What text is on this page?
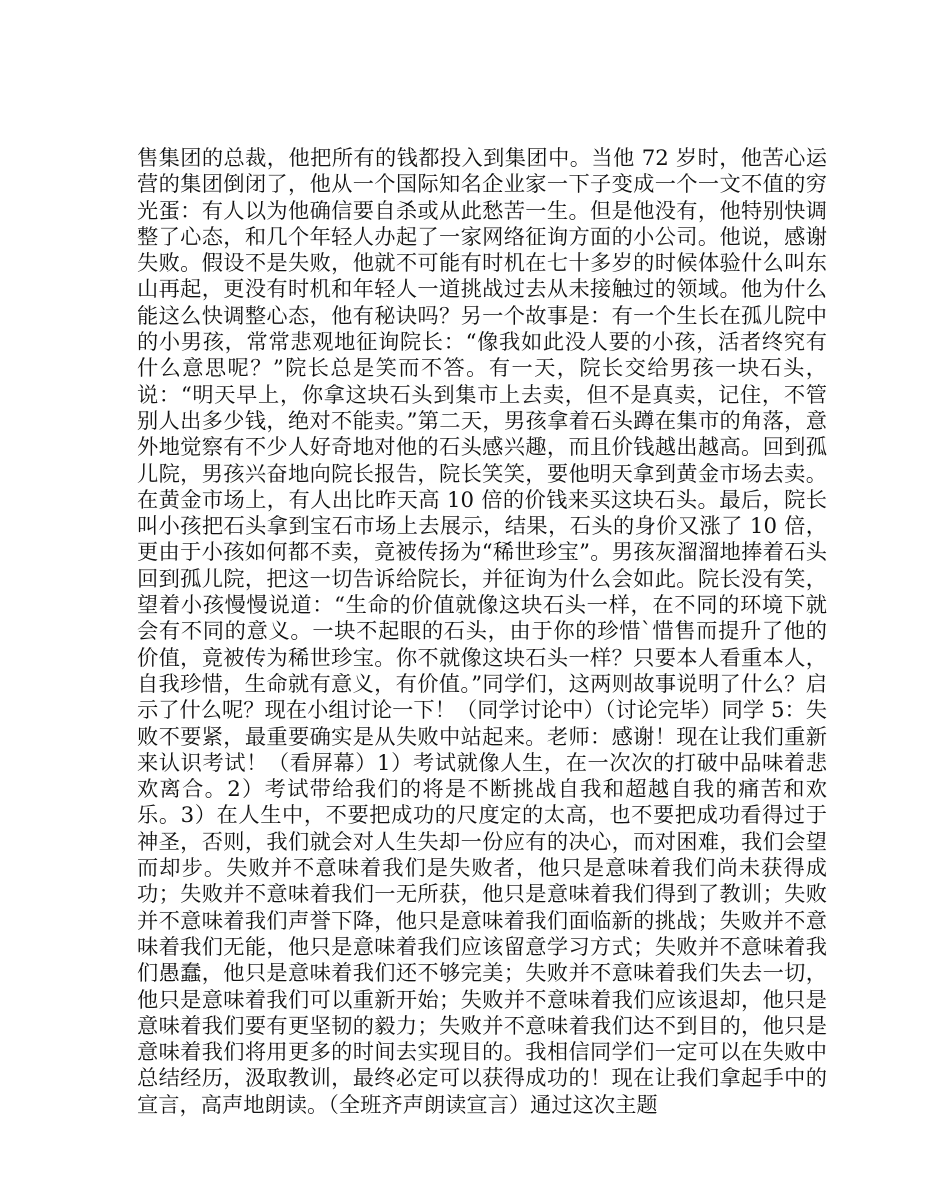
售集团的总裁，他把所有的钱都投入到集团中。当他 72 岁时，他苦心运营的集团倒闭了，他从一个国际知名企业家一下子变成一个一文不值的穷光蛋：有人以为他确信要自杀或从此愁苦一生。但是他没有，他特别快调整了心态，和几个年轻人办起了一家网络征询方面的小公司。他说，感谢失败。假设不是失败，他就不可能有时机在七十多岁的时候体验什么叫东山再起，更没有时机和年轻人一道挑战过去从未接触过的领域。他为什么能这么快调整心态，他有秘诀吗？另一个故事是：有一个生长在孤儿院中的小男孩，常常悲观地征询院长：“像我如此没人要的小孩，活者终究有什么意思呢？”院长总是笑而不答。有一天，院长交给男孩一块石头，说：“明天早上，你拿这块石头到集市上去卖，但不是真卖，记住，不管别人出多少钱，绝对不能卖。”第二天，男孩拿着石头蹲在集市的角落，意外地觉察有不少人好奇地对他的石头感兴趣，而且价钱越出越高。回到孤儿院，男孩兴奋地向院长报告，院长笑笑，要他明天拿到黄金市场去卖。在黄金市场上，有人出比昨天高 10 倍的价钱来买这块石头。最后，院长叫小孩把石头拿到宝石市场上去展示，结果，石头的身价又涨了 10 倍，更由于小孩如何都不卖，竟被传扬为“稀世珍宝”。男孩灰溜溜地捧着石头回到孤儿院，把这一切告诉给院长，并征询为什么会如此。院长没有笑，望着小孩慢慢说道：“生命的价值就像这块石头一样，在不同的环境下就会有不同的意义。一块不起眼的石头，由于你的珍惜`惜售而提升了他的价值，竟被传为稀世珍宝。你不就像这块石头一样？只要本人看重本人，自我珍惜，生命就有意义，有价值。”同学们，这两则故事说明了什么？启示了什么呢？现在小组讨论一下！（同学讨论中）（讨论完毕）同学 5：失败不要紧，最重要确实是从失败中站起来。老师：感谢！现在让我们重新来认识考试！（看屏幕）1）考试就像人生，在一次次的打破中品味着悲欢离合。2）考试带给我们的将是不断挑战自我和超越自我的痛苦和欢乐。3）在人生中，不要把成功的尺度定的太高，也不要把成功看得过于神圣，否则，我们就会对人生失却一份应有的决心，而对困难，我们会望而却步。失败并不意味着我们是失败者，他只是意味着我们尚未获得成功；失败并不意味着我们一无所获，他只是意味着我们得到了教训；失败并不意味着我们声誉下降，他只是意味着我们面临新的挑战；失败并不意味着我们无能，他只是意味着我们应该留意学习方式；失败并不意味着我们愚蠢，他只是意味着我们还不够完美；失败并不意味着我们失去一切，他只是意味着我们可以重新开始；失败并不意味着我们应该退却，他只是意味着我们要有更坚韧的毅力；失败并不意味着我们达不到目的，他只是意味着我们将用更多的时间去实现目的。我相信同学们一定可以在失败中总结经历，汲取教训，最终必定可以获得成功的！现在让我们拿起手中的宣言，高声地朗读。（全班齐声朗读宣言）通过这次主题
